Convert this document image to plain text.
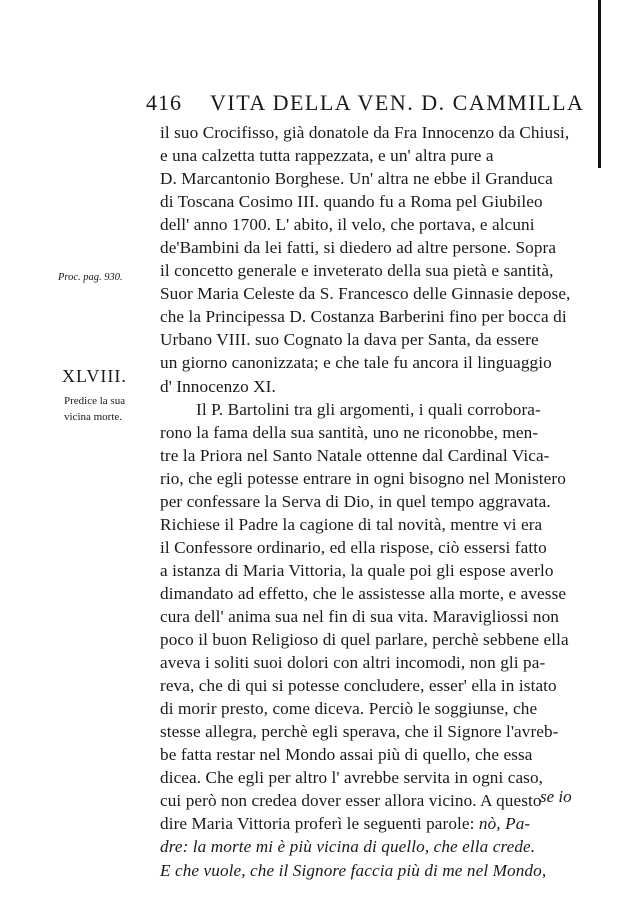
416 VITA DELLA VEN. D. CAMMILLA
Proc. pag. 930.
XLVIII.
Predice la sua
vicina morte.
il suo Crocifisso, già donatole da Fra Innocenzo da Chiusi,
e una calzetta tutta rappezzata, e un' altra pure a
D. Marcantonio Borghese. Un' altra ne ebbe il Granduca
di Toscana Cosimo III. quando fu a Roma pel Giubileo
dell' anno 1700. L' abito, il velo, che portava, e alcuni
de'Bambini da lei fatti, si diedero ad altre persone. Sopra
il concetto generale e inveterato della sua pietà e santità,
Suor Maria Celeste da S. Francesco delle Ginnasie depose,
che la Principessa D. Costanza Barberini fino per bocca di
Urbano VIII. suo Cognato la dava per Santa, da essere
un giorno canonizzata; e che tale fu ancora il linguaggio
d' Innocenzo XI.
Il P. Bartolini tra gli argomenti, i quali corrobora-
rono la fama della sua santità, uno ne riconobbe, men-
tre la Priora nel Santo Natale ottenne dal Cardinal Vica-
rio, che egli potesse entrare in ogni bisogno nel Monistero
per confessare la Serva di Dio, in quel tempo aggravata.
Richiese il Padre la cagione di tal novità, mentre vi era
il Confessore ordinario, ed ella rispose, ciò essersi fatto
a istanza di Maria Vittoria, la quale poi gli espose averlo
dimandato ad effetto, che le assistesse alla morte, e avesse
cura dell' anima sua nel fin di sua vita. Maravigliossi non
poco il buon Religioso di quel parlare, perchè sebbene ella
aveva i soliti suoi dolori con altri incomodi, non gli pa-
reva, che di qui si potesse concludere, esser' ella in istato
di morir presto, come diceva. Perciò le soggiunse, che
stesse allegra, perchè egli sperava, che il Signore l'avreb-
be fatta restar nel Mondo assai più di quello, che essa
dicea. Che egli per altro l' avrebbe servita in ogni caso,
cui però non credea dover esser allora vicino. A questo
dire Maria Vittoria proferì le seguenti parole: nò, Pa-
dre: la morte mi è più vicina di quello, che ella crede.
E che vuole, che il Signore faccia più di me nel Mondo,
se io
